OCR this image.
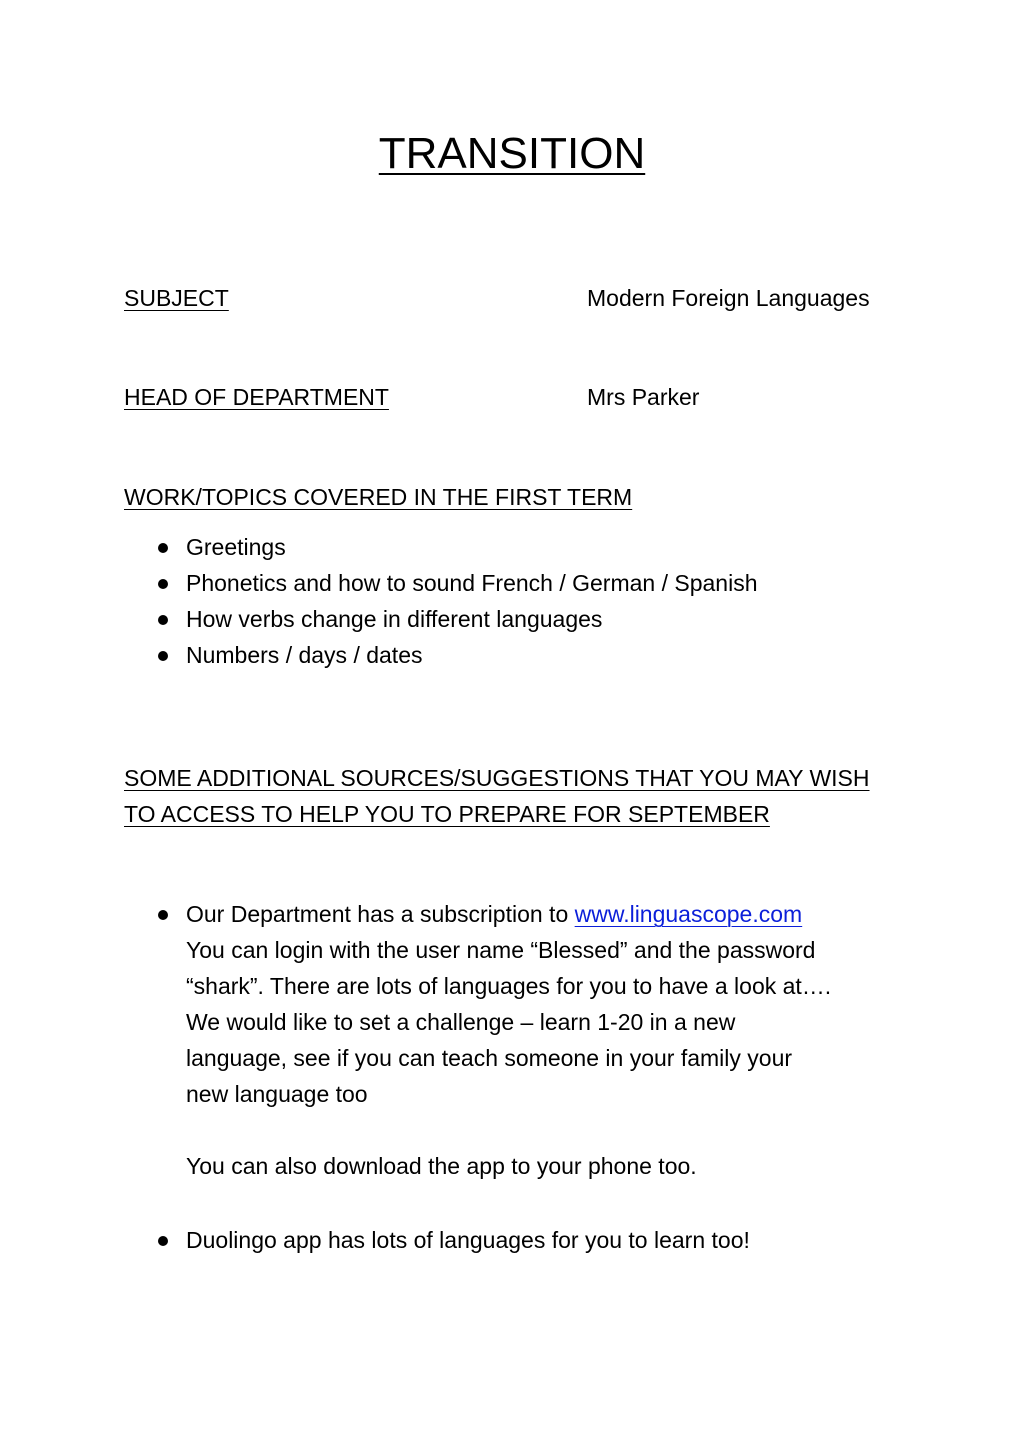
TRANSITION
SUBJECT	Modern Foreign Languages
HEAD OF DEPARTMENT	Mrs Parker
WORK/TOPICS COVERED IN THE FIRST TERM
Greetings
Phonetics and how to sound French / German / Spanish
How verbs change in different languages
Numbers / days / dates
SOME ADDITIONAL SOURCES/SUGGESTIONS THAT YOU MAY WISH
TO ACCESS TO HELP YOU TO PREPARE FOR SEPTEMBER
Our Department has a subscription to www.linguascope.com
You can login with the user name “Blessed” and the password
“shark”. There are lots of languages for you to have a look at….
We would like to set a challenge – learn 1-20 in a new
language, see if you can teach someone in your family your
new language too
You can also download the app to your phone too.
Duolingo app has lots of languages for you to learn too!
